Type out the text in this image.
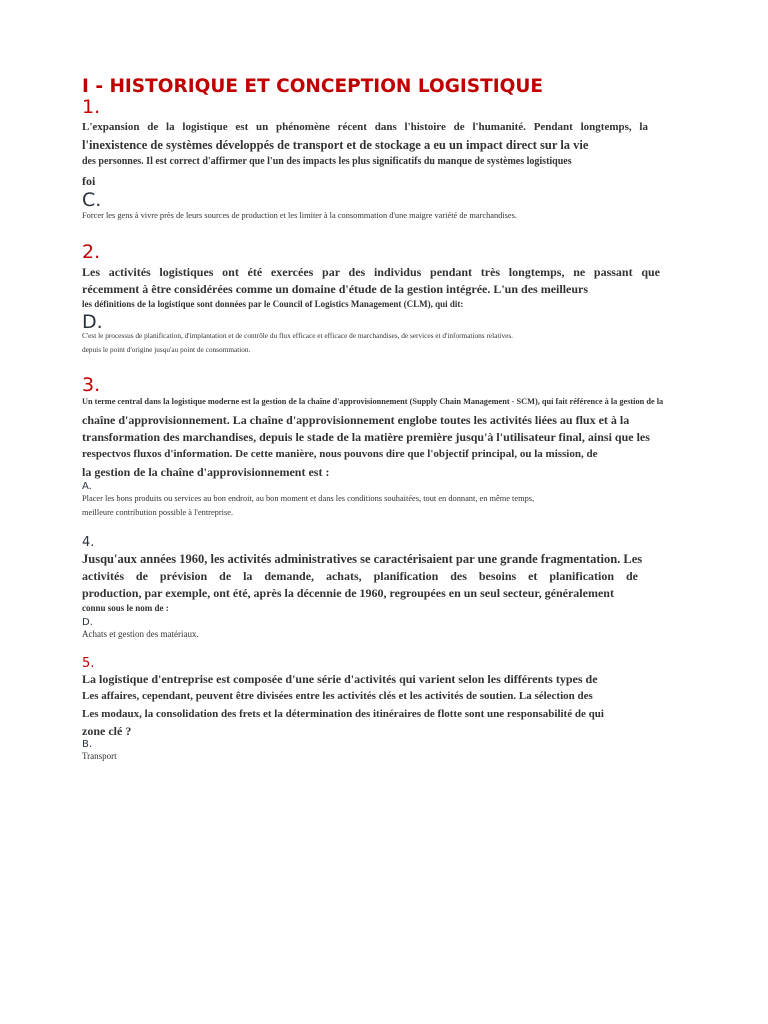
I - HISTORIQUE ET CONCEPTION LOGISTIQUE

1.

L'expansion de la logistique est un phénomène récent dans l'histoire de l'humanité. Pendant longtemps, la

l'inexistence de systèmes développés de transport et de stockage a eu un impact direct sur la vie

des personnes. Il est correct d'affirmer que l'un des impacts les plus significatifs du manque de systèmes logistiques

foi

C.

Forcer les gens à vivre près de leurs sources de production et les limiter à la consommation d'une maigre variété de marchandises.

2.

Les activités logistiques ont été exercées par des individus pendant très longtemps, ne passant que

récemment à être considérées comme un domaine d'étude de la gestion intégrée. L'un des meilleurs

les définitions de la logistique sont données par le Council of Logistics Management (CLM), qui dit:

D.

C'est le processus de planification, d'implantation et de contrôle du flux efficace et efficace de marchandises, de services et d'informations relatives.

depuis le point d'origine jusqu'au point de consommation.

3.

Un terme central dans la logistique moderne est la gestion de la chaîne d'approvisionnement (Supply Chain Management - SCM), qui fait référence à la gestion de la

chaîne d'approvisionnement. La chaîne d'approvisionnement englobe toutes les activités liées au flux et à la

transformation des marchandises, depuis le stade de la matière première jusqu'à l'utilisateur final, ainsi que les

respectvos fluxos d'information. De cette manière, nous pouvons dire que l'objectif principal, ou la mission, de

la gestion de la chaîne d'approvisionnement est :

A.

Placer les bons produits ou services au bon endroit, au bon moment et dans les conditions souhaitées, tout en donnant, en même temps,

meilleure contribution possible à l'entreprise.

4.

Jusqu'aux années 1960, les activités administratives se caractérisaient par une grande fragmentation. Les

activités de prévision de la demande, achats, planification des besoins et planification de

production, par exemple, ont été, après la décennie de 1960, regroupées en un seul secteur, généralement

connu sous le nom de :

D.

Achats et gestion des matériaux.

5.

La logistique d'entreprise est composée d'une série d'activités qui varient selon les différents types de

Les affaires, cependant, peuvent être divisées entre les activités clés et les activités de soutien. La sélection des

Les modaux, la consolidation des frets et la détermination des itinéraires de flotte sont une responsabilité de qui

zone clé ?

B.

Transport
